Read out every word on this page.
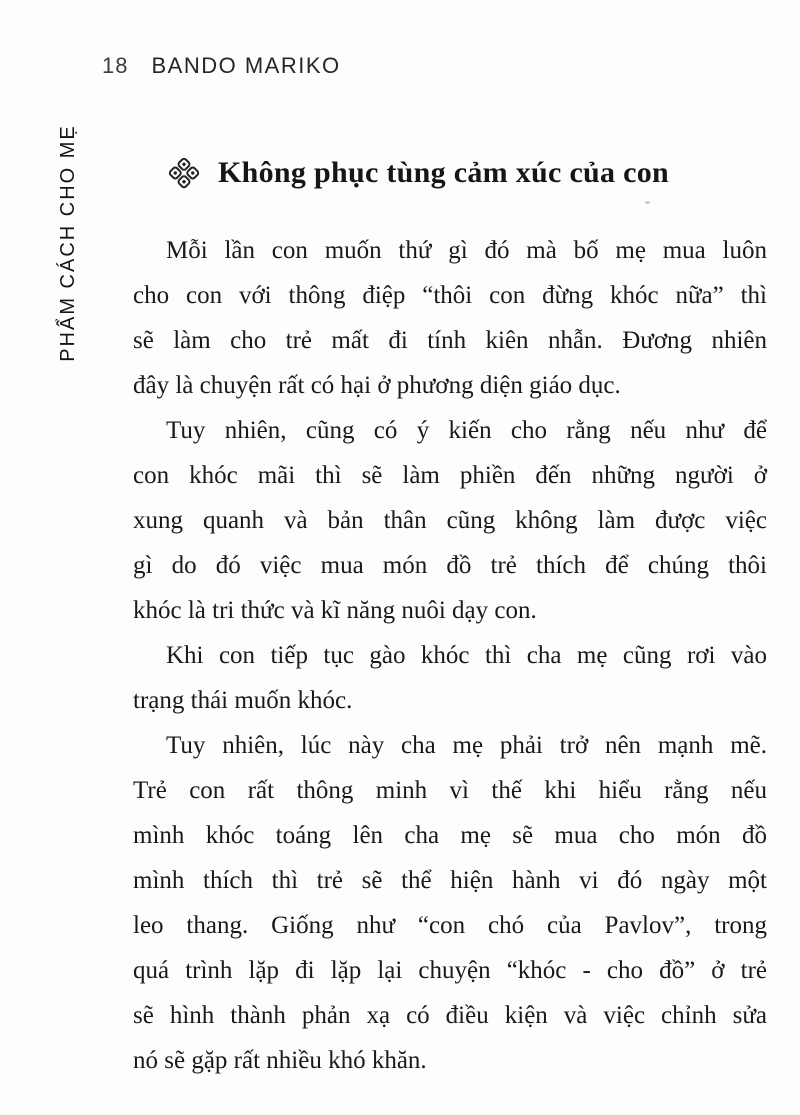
18 BANDO MARIKO
PHẨM CÁCH CHO MẸ	Không phục tùng cảm xúc của con
Mỗi lần con muốn thứ gì đó mà bố mẹ mua luôn
cho con với thông điệp “thôi con đừng khóc nữa” thì
sẽ làm cho trẻ mất đi tính kiên nhẫn. Đương nhiên
đây là chuyện rất có hại ở phương diện giáo dục.
Tuy nhiên, cũng có ý kiến cho rằng nếu như để
con khóc mãi thì sẽ làm phiền đến những người ở
xung quanh và bản thân cũng không làm được việc
gì do đó việc mua món đồ trẻ thích để chúng thôi
khóc là tri thức và kĩ năng nuôi dạy con.
Khi con tiếp tục gào khóc thì cha mẹ cũng rơi vào
trạng thái muốn khóc.
Tuy nhiên, lúc này cha mẹ phải trở nên mạnh mẽ.
Trẻ con rất thông minh vì thế khi hiểu rằng nếu
mình khóc toáng lên cha mẹ sẽ mua cho món đồ
mình thích thì trẻ sẽ thể hiện hành vi đó ngày một
leo thang. Giống như “con chó của Pavlov”, trong
quá trình lặp đi lặp lại chuyện “khóc - cho đồ” ở trẻ
sẽ hình thành phản xạ có điều kiện và việc chỉnh sửa
nó sẽ gặp rất nhiều khó khăn.
